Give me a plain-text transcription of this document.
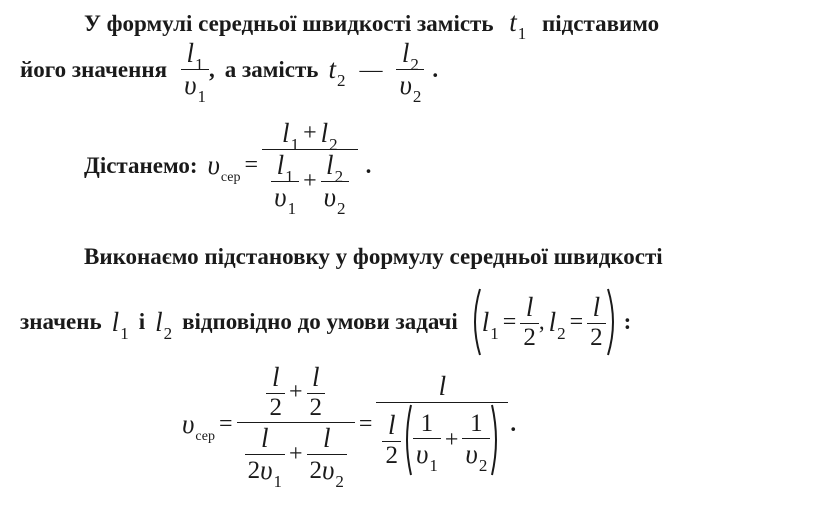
У формулі середньої швидкості замість $t_1$ підставимо
його значення $\frac{l_1}{\upsilon_1}$ , а замість $t_2$ — $\frac{l_2}{\upsilon_2}$ .
Дістанемо: $\upsilon_{сер}$ =
$l_1 + l_2$
$\frac{l_1}{\upsilon_1} + \frac{l_2}{\upsilon_2}$ .
Виконаємо підстановку у формулу середньої швидкості
значень $l_1$ і $l_2$ відповідно до умови задачі $l_1 = \frac{l}{2}$ , $l_2 = \frac{l}{2}$ :
$\upsilon_{сер}$ =
$\frac{l}{2} + \frac{l}{2}$
$\frac{l}{2 \upsilon_1} + \frac{l}{2 \upsilon_2}$ =
l
$\frac{l}{2} \frac{1}{\upsilon_1} + \frac{1}{\upsilon_2}$ .
